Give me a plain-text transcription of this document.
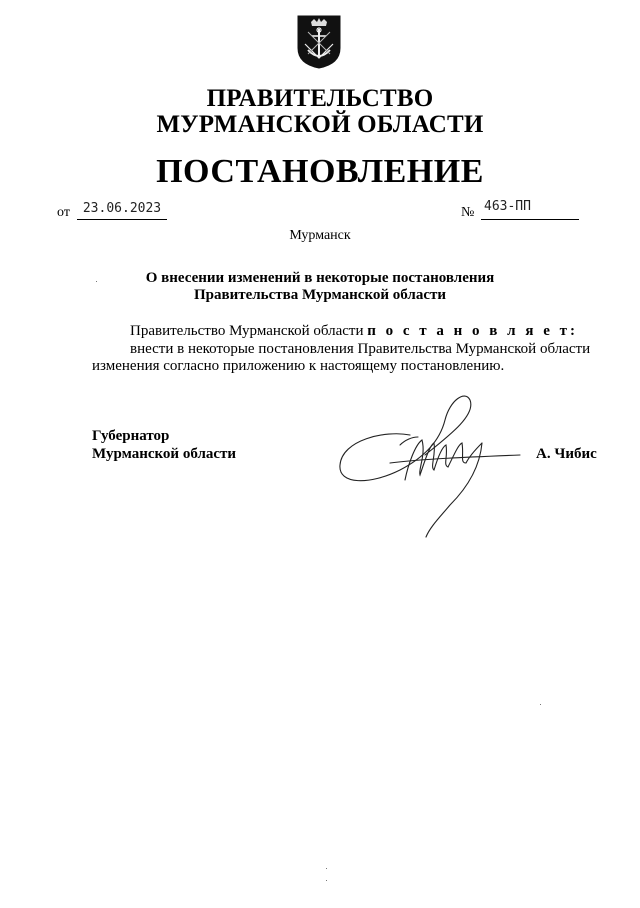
ПРАВИТЕЛЬСТВО
МУРМАНСКОЙ ОБЛАСТИ
ПОСТАНОВЛЕНИЕ
от 23.06.2023	№ 463-ПП
Мурманск
О внесении изменений в некоторые постановления
Правительства Мурманской области
Правительство Мурманской области п о с т а н о в л я е т:
внести в некоторые постановления Правительства Мурманской области изменения согласно приложению к настоящему постановлению.
Губернатор
Мурманской области	А. Чибис
